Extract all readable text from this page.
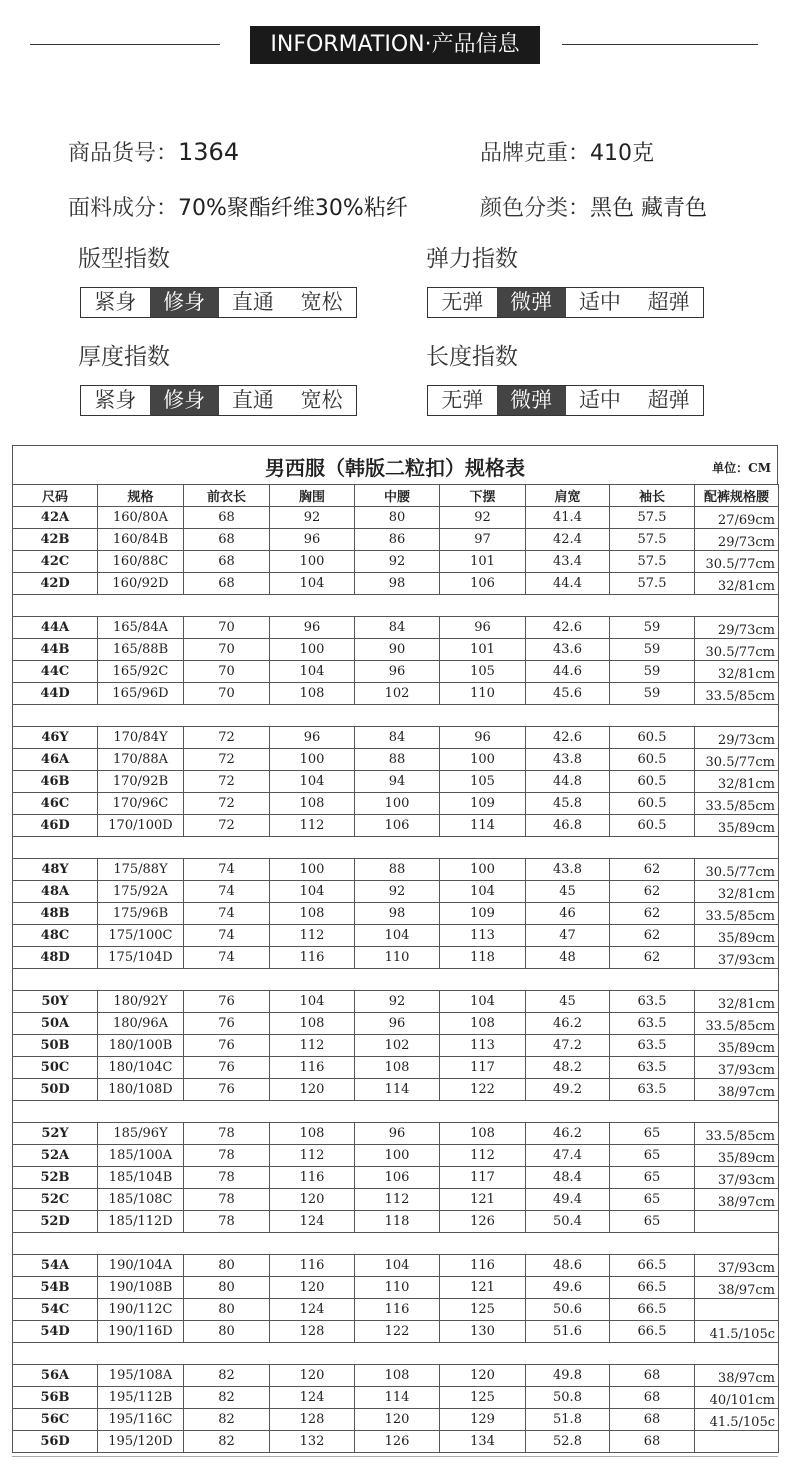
INFORMATION·产品信息
商品货号：1364	品牌克重：410克
面料成分：70%聚酯纤维30%粘纤	颜色分类：黑色 藏青色
版型指数
紧身	修身	直通	宽松
弹力指数
无弹	微弹	适中	超弹
厚度指数
紧身	修身	直通	宽松
长度指数
无弹	微弹	适中	超弹
男西服（韩版二粒扣）规格表	单位：CM
尺码	规格	前衣长	胸围	中腰	下摆	肩宽	袖长	配裤规格腰
42A	160/80A	68	92	80	92	41.4	57.5	27/69cm
42B	160/84B	68	96	86	97	42.4	57.5	29/73cm
42C	160/88C	68	100	92	101	43.4	57.5	30.5/77cm
42D	160/92D	68	104	98	106	44.4	57.5	32/81cm

44A	165/84A	70	96	84	96	42.6	59	29/73cm
44B	165/88B	70	100	90	101	43.6	59	30.5/77cm
44C	165/92C	70	104	96	105	44.6	59	32/81cm
44D	165/96D	70	108	102	110	45.6	59	33.5/85cm

46Y	170/84Y	72	96	84	96	42.6	60.5	29/73cm
46A	170/88A	72	100	88	100	43.8	60.5	30.5/77cm
46B	170/92B	72	104	94	105	44.8	60.5	32/81cm
46C	170/96C	72	108	100	109	45.8	60.5	33.5/85cm
46D	170/100D	72	112	106	114	46.8	60.5	35/89cm

48Y	175/88Y	74	100	88	100	43.8	62	30.5/77cm
48A	175/92A	74	104	92	104	45	62	32/81cm
48B	175/96B	74	108	98	109	46	62	33.5/85cm
48C	175/100C	74	112	104	113	47	62	35/89cm
48D	175/104D	74	116	110	118	48	62	37/93cm

50Y	180/92Y	76	104	92	104	45	63.5	32/81cm
50A	180/96A	76	108	96	108	46.2	63.5	33.5/85cm
50B	180/100B	76	112	102	113	47.2	63.5	35/89cm
50C	180/104C	76	116	108	117	48.2	63.5	37/93cm
50D	180/108D	76	120	114	122	49.2	63.5	38/97cm

52Y	185/96Y	78	108	96	108	46.2	65	33.5/85cm
52A	185/100A	78	112	100	112	47.4	65	35/89cm
52B	185/104B	78	116	106	117	48.4	65	37/93cm
52C	185/108C	78	120	112	121	49.4	65	38/97cm
52D	185/112D	78	124	118	126	50.4	65	

54A	190/104A	80	116	104	116	48.6	66.5	37/93cm
54B	190/108B	80	120	110	121	49.6	66.5	38/97cm
54C	190/112C	80	124	116	125	50.6	66.5	
54D	190/116D	80	128	122	130	51.6	66.5	41.5/105c

56A	195/108A	82	120	108	120	49.8	68	38/97cm
56B	195/112B	82	124	114	125	50.8	68	40/101cm
56C	195/116C	82	128	120	129	51.8	68	41.5/105c
56D	195/120D	82	132	126	134	52.8	68	
